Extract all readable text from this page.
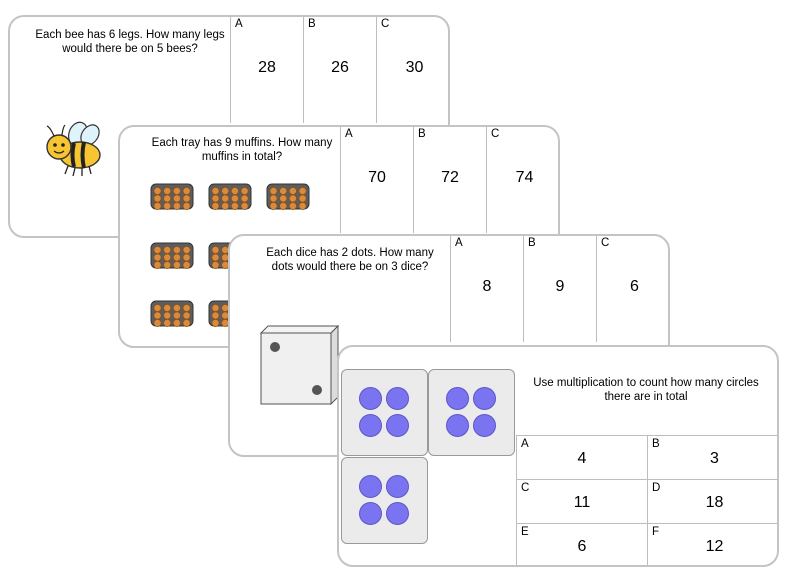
Each bee has 6 legs. How many legs would there be on 5 bees?
A
28
B
26
C
30
Each tray has 9 muffins. How many muffins in total?
A
70
B
72
C
74
Each dice has 2 dots. How many dots would there be on 3 dice?
A
8
B
9
C
6
Use multiplication to count how many circles there are in total
A
4
B
3
C
11
D
18
E
6
F
12
